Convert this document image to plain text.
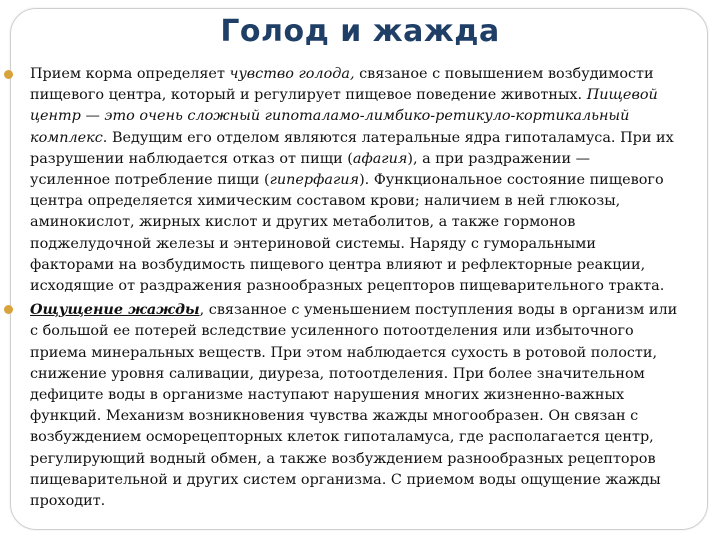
Голод и жажда
Прием корма определяет чувство голода, связаное с повышением возбудимости
пищевого центра, который и регулирует пищевое поведение животных. Пищевой
центр — это очень сложный гипоталамо-лимбико-ретикуло-кортикальный
комплекс. Ведущим его отделом являются латеральные ядра гипоталамуса. При их
разрушении наблюдается отказ от пищи (афагия), а при раздражении —
усиленное потребление пищи (гиперфагия). Функциональное состояние пищевого
центра определяется химическим составом крови; наличием в ней глюкозы,
аминокислот, жирных кислот и других метаболитов, а также гормонов
поджелудочной железы и энтериновой системы. Наряду с гуморальными
факторами на возбудимость пищевого центра влияют и рефлекторные реакции,
исходящие от раздражения разнообразных рецепторов пищеварительного тракта.
Ощущение жажды, связанное с уменьшением поступления воды в организм или
с большой ее потерей вследствие усиленного потоотделения или избыточного
приема минеральных веществ. При этом наблюдается сухость в ротовой полости,
снижение уровня саливации, диуреза, потоотделения. При более значительном
дефиците воды в организме наступают нарушения многих жизненно-важных
функций. Механизм возникновения чувства жажды многообразен. Он связан с
возбуждением осморецепторных клеток гипоталамуса, где располагается центр,
регулирующий водный обмен, а также возбуждением разнообразных рецепторов
пищеварительной и других систем организма. С приемом воды ощущение жажды
проходит.
